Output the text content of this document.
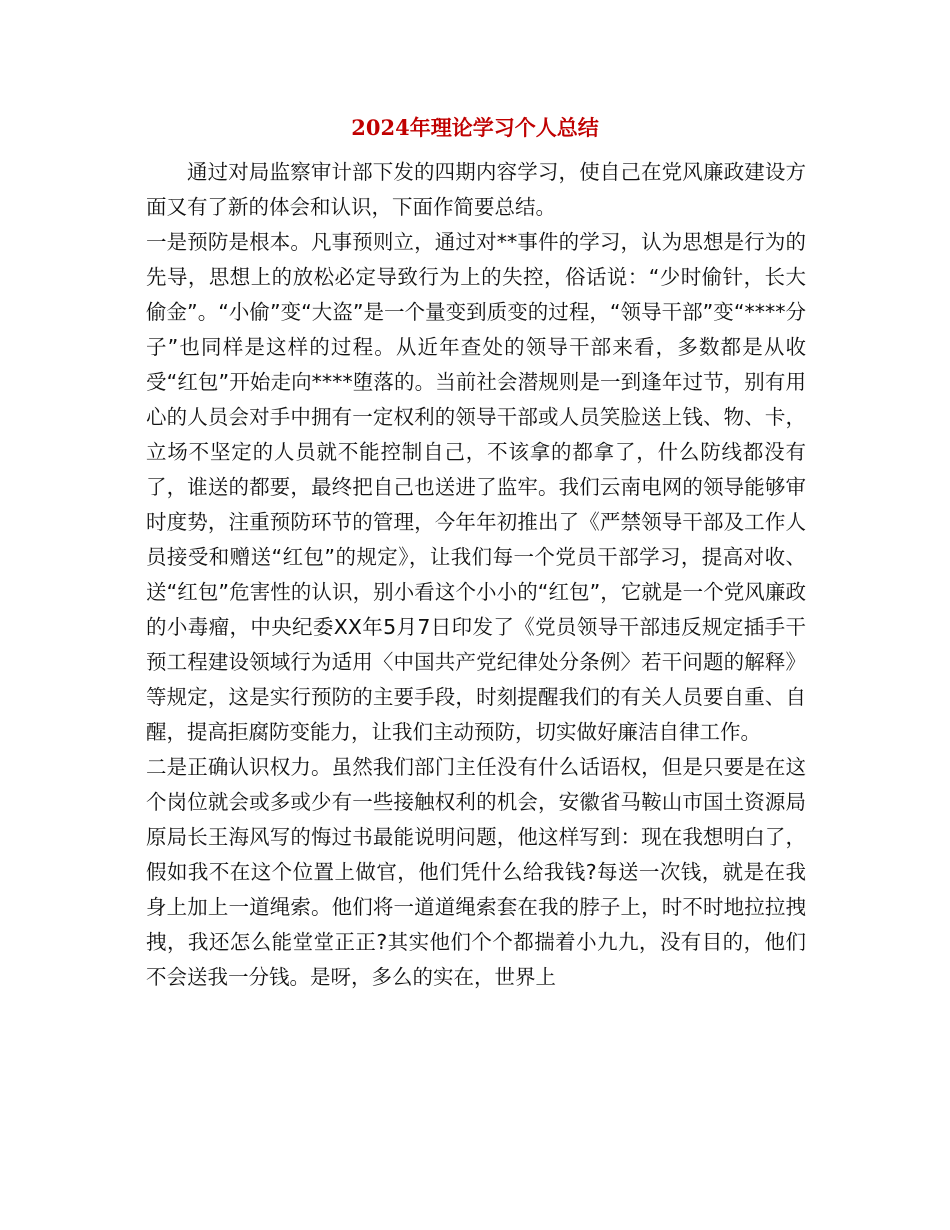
2024年理论学习个人总结

通过对局监察审计部下发的四期内容学习，使自己在党风廉政建设方面又有了新的体会和认识，下面作简要总结。

一是预防是根本。凡事预则立，通过对**事件的学习，认为思想是行为的先导，思想上的放松必定导致行为上的失控，俗话说：“少时偷针，长大偷金”。“小偷”变“大盗”是一个量变到质变的过程，“领导干部”变“****分子”也同样是这样的过程。从近年查处的领导干部来看，多数都是从收受“红包”开始走向****堕落的。当前社会潜规则是一到逢年过节，别有用心的人员会对手中拥有一定权利的领导干部或人员笑脸送上钱、物、卡，立场不坚定的人员就不能控制自己，不该拿的都拿了，什么防线都没有了，谁送的都要，最终把自己也送进了监牢。我们云南电网的领导能够审时度势，注重预防环节的管理，今年年初推出了《严禁领导干部及工作人员接受和赠送“红包”的规定》，让我们每一个党员干部学习，提高对收、送“红包”危害性的认识，别小看这个小小的“红包”，它就是一个党风廉政的小毒瘤，中央纪委XX年5月7日印发了《党员领导干部违反规定插手干预工程建设领域行为适用〈中国共产党纪律处分条例〉若干问题的解释》等规定，这是实行预防的主要手段，时刻提醒我们的有关人员要自重、自醒，提高拒腐防变能力，让我们主动预防，切实做好廉洁自律工作。

二是正确认识权力。虽然我们部门主任没有什么话语权，但是只要是在这个岗位就会或多或少有一些接触权利的机会，安徽省马鞍山市国土资源局原局长王海风写的悔过书最能说明问题，他这样写到：现在我想明白了，假如我不在这个位置上做官，他们凭什么给我钱?每送一次钱，就是在我身上加上一道绳索。他们将一道道绳索套在我的脖子上，时不时地拉拉拽拽，我还怎么能堂堂正正?其实他们个个都揣着小九九，没有目的，他们不会送我一分钱。是呀，多么的实在，世界上
